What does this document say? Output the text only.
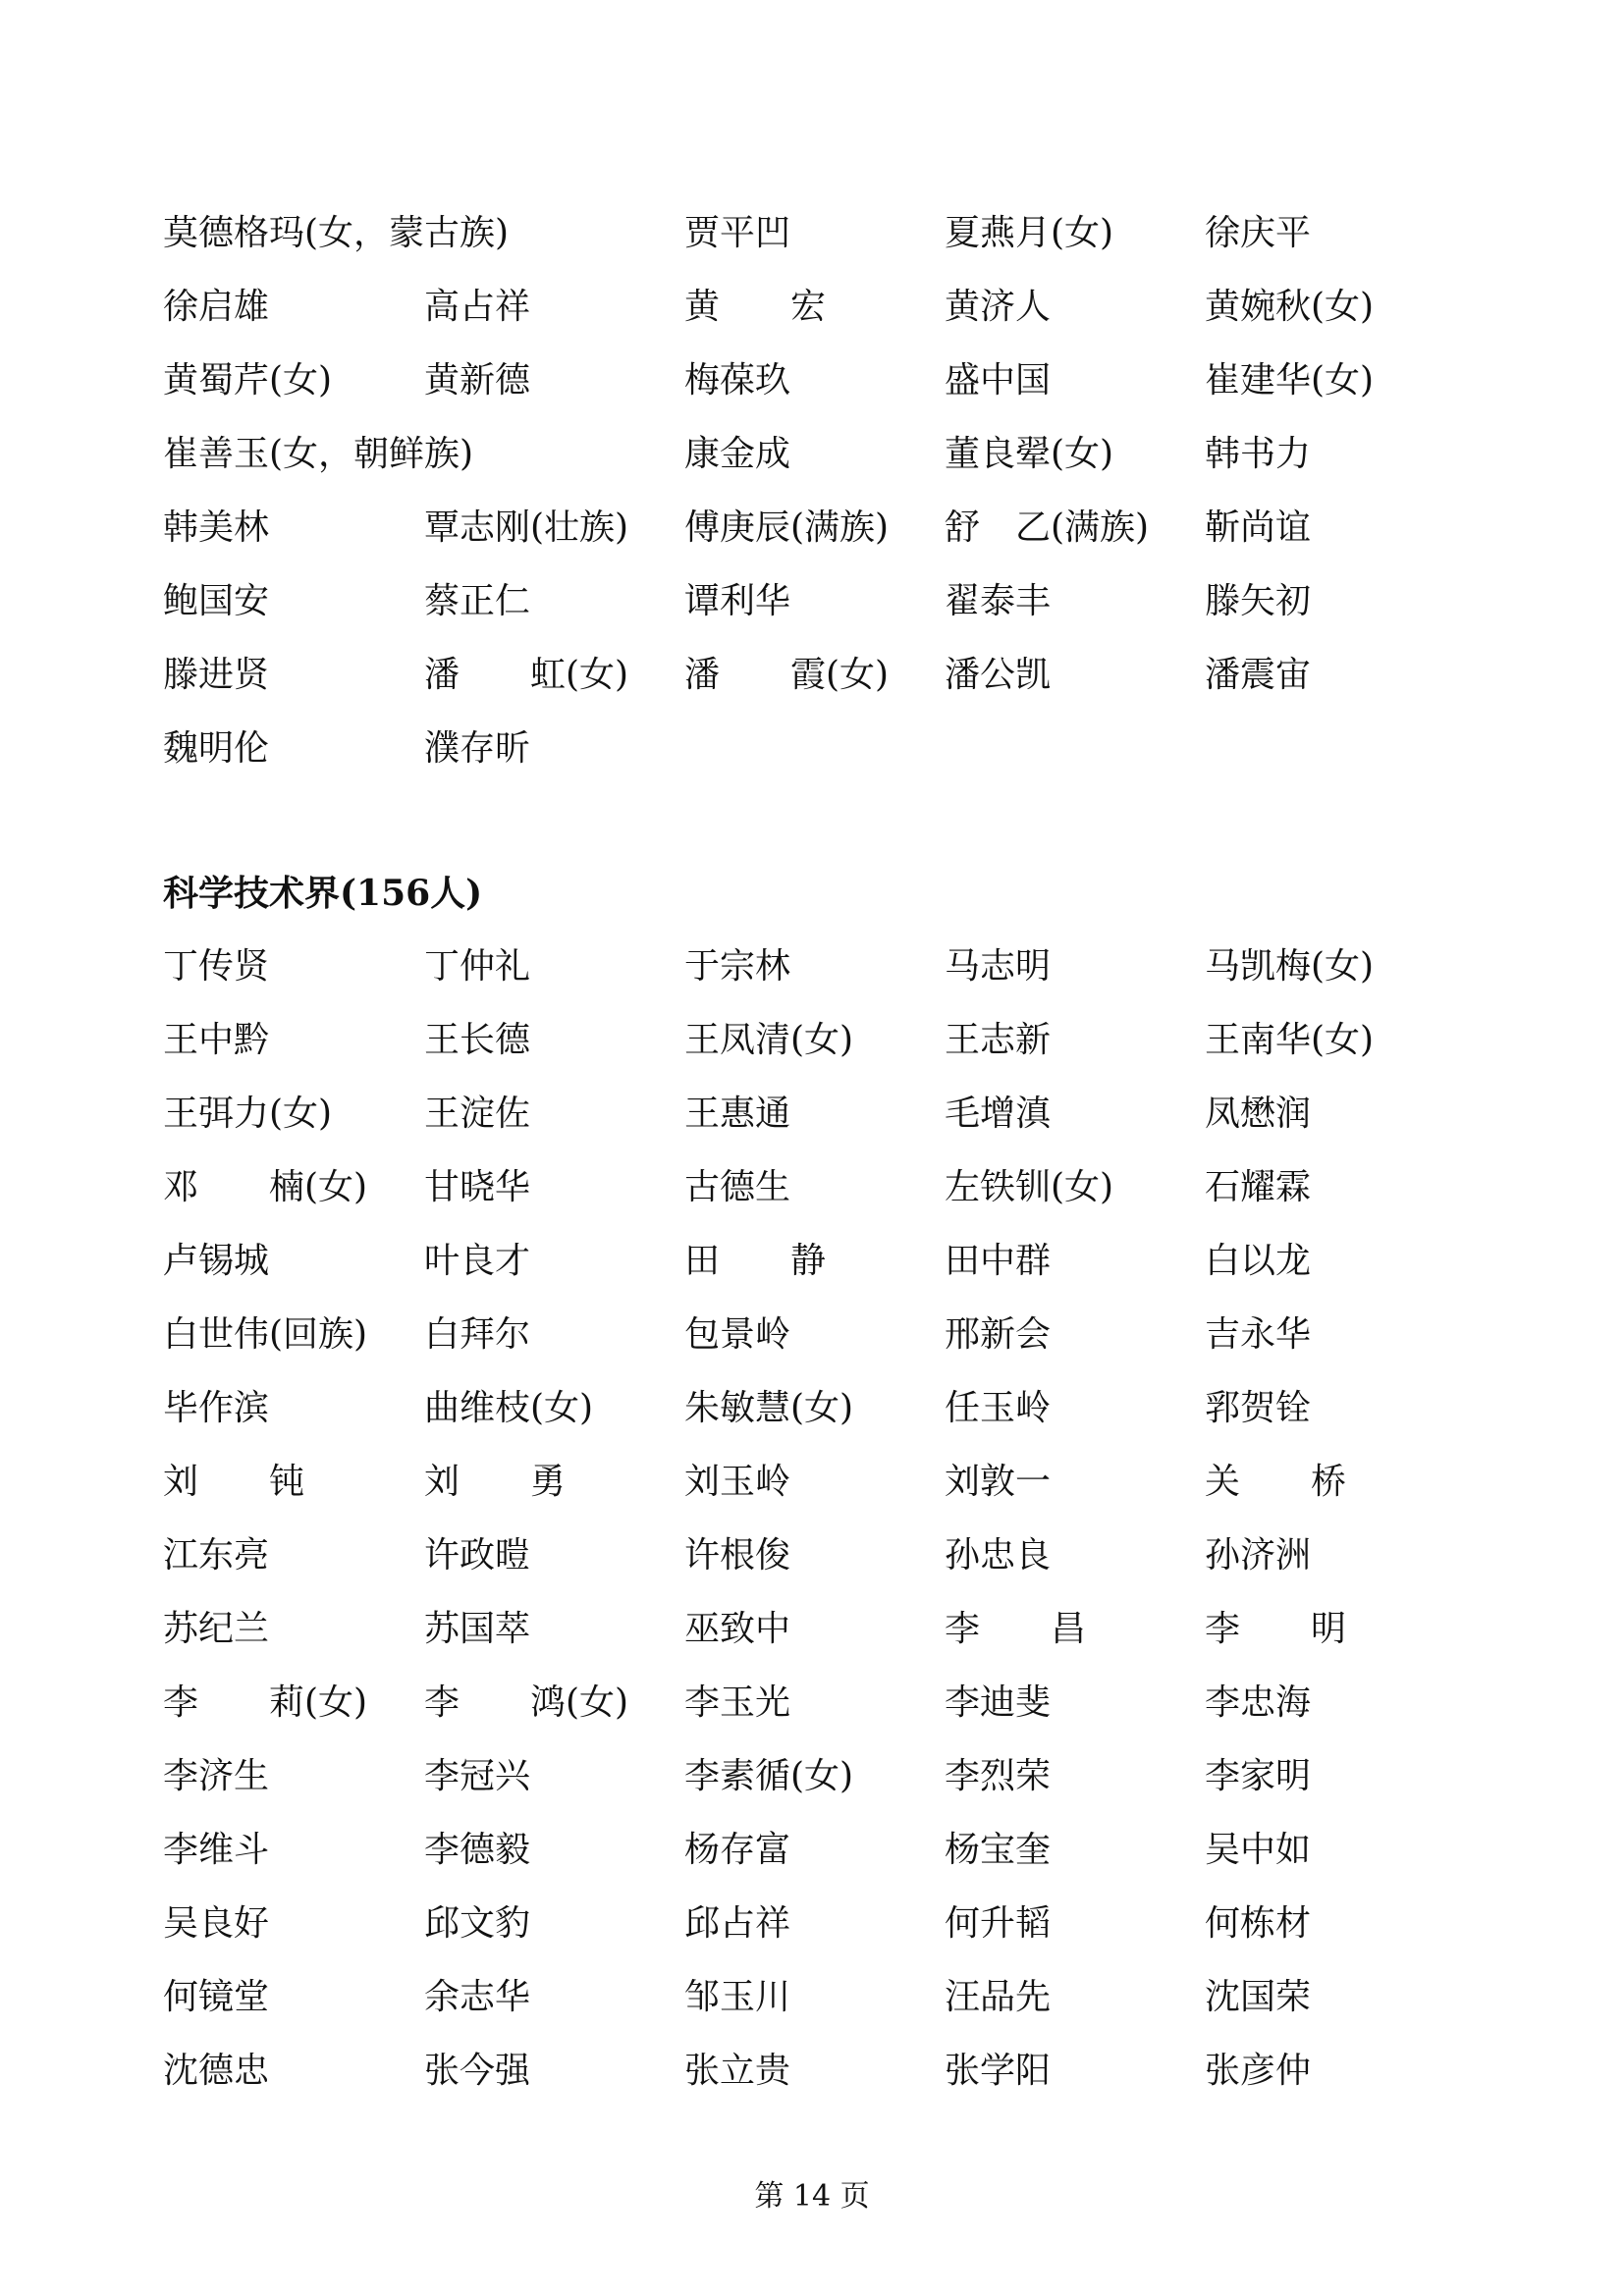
莫德格玛(女，蒙古族)	贾平凹	夏燕月(女)	徐庆平
徐启雄	高占祥	黄　　宏	黄济人	黄婉秋(女)
黄蜀芹(女)	黄新德	梅葆玖	盛中国	崔建华(女)
崔善玉(女，朝鲜族)	康金成	董良翚(女)	韩书力
韩美林	覃志刚(壮族) 傅庚辰(满族) 舒　乙(满族) 靳尚谊
鲍国安	蔡正仁	谭利华	翟泰丰	滕矢初
滕进贤	潘　　虹(女) 潘　　霞(女) 潘公凯	潘震宙
魏明伦	濮存昕
科学技术界(156人)
丁传贤	丁仲礼	于宗林	马志明	马凯梅(女)
王中黔	王长德	王凤清(女)	王志新	王南华(女)
王弭力(女)	王淀佐	王惠通	毛增滇	凤懋润
邓　　楠(女) 甘晓华	古德生	左铁钏(女)	石耀霖
卢锡城	叶良才	田　　静	田中群	白以龙
白世伟(回族) 白拜尔	包景岭	邢新会	吉永华
毕作滨	曲维枝(女)	朱敏慧(女)	任玉岭	郛贺铨
刘　　钝	刘　　勇	刘玉岭	刘敦一	关　　桥
江东亮	许政暟	许根俊	孙忠良	孙济洲
苏纪兰	苏国萃	巫致中	李　　昌	李　　明
李　　莉(女) 李　　鸿(女) 李玉光	李迪斐	李忠海
李济生	李冠兴	李素循(女)	李烈荣	李家明
李维斗	李德毅	杨存富	杨宝奎	吴中如
吴良好	邱文豹	邱占祥	何升韬	何栋材
何镜堂	余志华	邹玉川	汪品先	沈国荣
沈德忠	张今强	张立贵	张学阳	张彦仲
第 14 页
